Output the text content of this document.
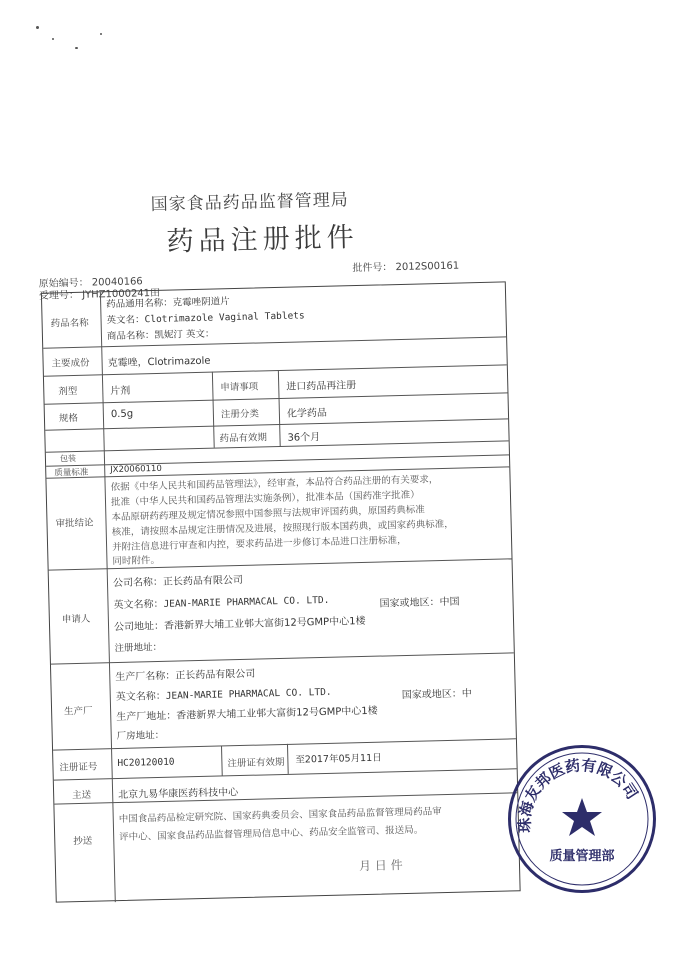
国家食品药品监督管理局
药品注册批件
批件号： 2012S00161
原始编号： 20040166
受理号： JYHZ1000241田
药品名称
药品通用名称：克霉唑阴道片
英文名：Clotrimazole Vaginal Tablets
商品名称：凯妮汀 英文：
主要成份 克霉唑，Clotrimazole
剂型	片剂	申请事项	进口药品再注册
规格	0.5g	注册分类	化学药品
药品有效期 36个月
包装
质量标准	JX20060110
审批结论
依据《中华人民共和国药品管理法》，经审查，本品符合药品注册的有关要求，
批准（中华人民共和国药品管理法实施条例），批准本品（国药准字批准）
本品原研药药理及规定情况参照中国参照与法规审评国药典，原国药典标准
核准，请按照本品规定注册情况及进展，按照现行版本国药典，或国家药典标准，
并附注信息进行审查和内控，要求药品进一步修订本品进口注册标准，
同时附件。
申请人
公司名称：正长药品有限公司
英文名称：JEAN-MARIE PHARMACAL CO. LTD.
公司地址：香港新界大埔工业邨大富街12号GMP中心1楼
国家或地区：中国
注册地址：
生产厂
生产厂名称：正长药品有限公司
英文名称：JEAN-MARIE PHARMACAL CO. LTD.
生产厂地址：香港新界大埔工业邨大富街12号GMP中心1楼
国家或地区：中
厂房地址：
注册证号 HC20120010	注册证有效期 至2017年05月11日
主送	北京九易华康医药科技中心
抄送
中国食品药品检定研究院、国家药典委员会、国家食品药品监督管理局药品审
评中心、国家食品药品监督管理局信息中心、药品安全监管司、报送局。
月 日 件
珠海友邦医药有限公司
质量管理部
